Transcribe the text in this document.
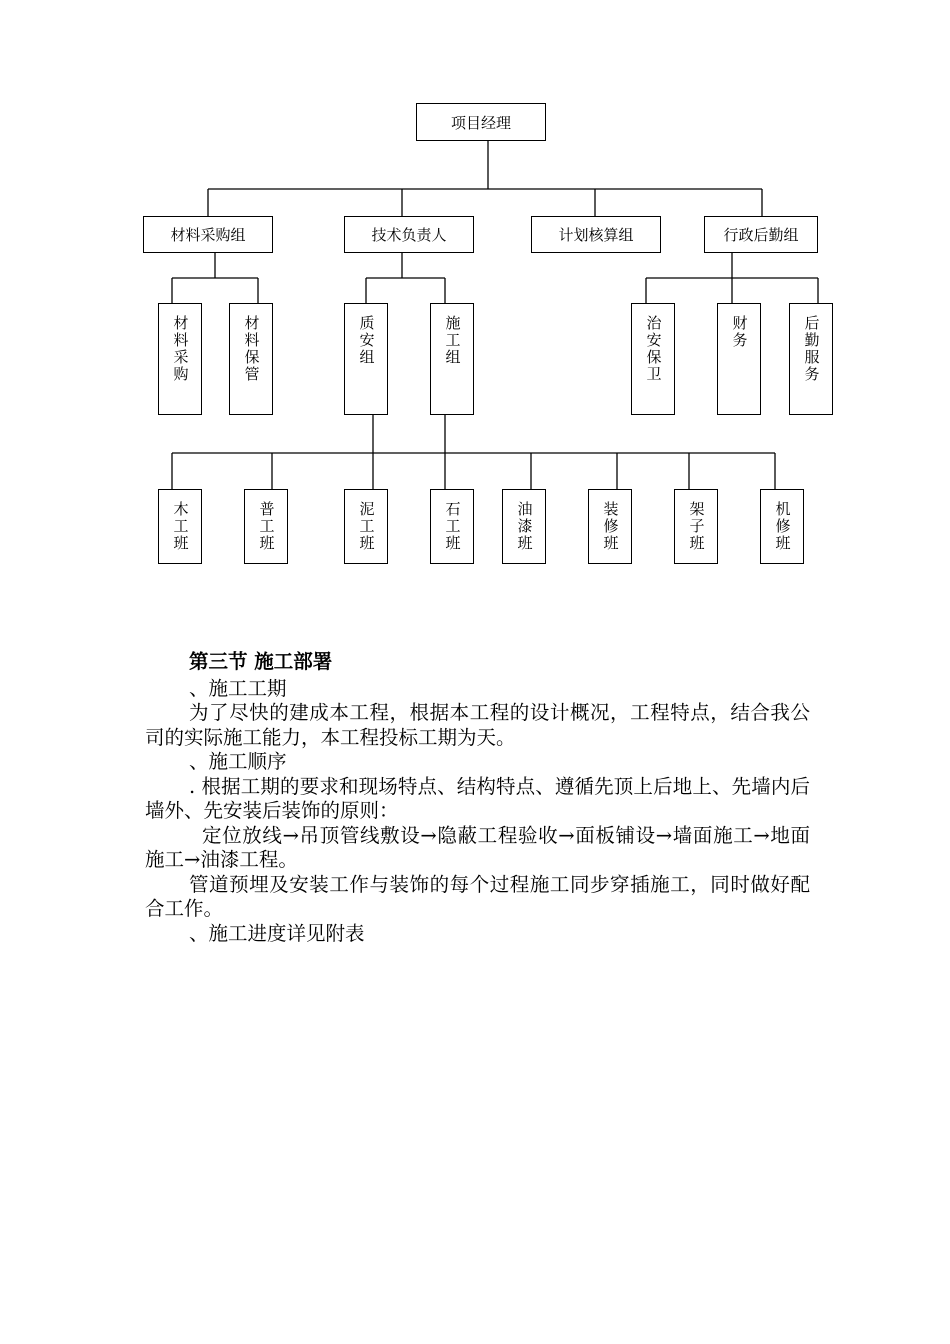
项目经理
材料采购组	技术负责人	计划核算组	行政后勤组
材料采购	材料保管	质安组	施工组	治安保卫	财务	后勤服务
木工班	普工班	泥工班	石工班	油漆班	装修班	架子班	机修班

第三节 施工部署

、施工工期

为了尽快的建成本工程，根据本工程的设计概况，工程特点，结合我公司的实际施工能力，本工程投标工期为天。

、施工顺序

. 根据工期的要求和现场特点、结构特点、遵循先顶上后地上、先墙内后墙外、先安装后装饰的原则：

定位放线→吊顶管线敷设→隐蔽工程验收→面板铺设→墙面施工→地面施工→油漆工程。

管道预埋及安装工作与装饰的每个过程施工同步穿插施工，同时做好配合工作。

、施工进度详见附表
